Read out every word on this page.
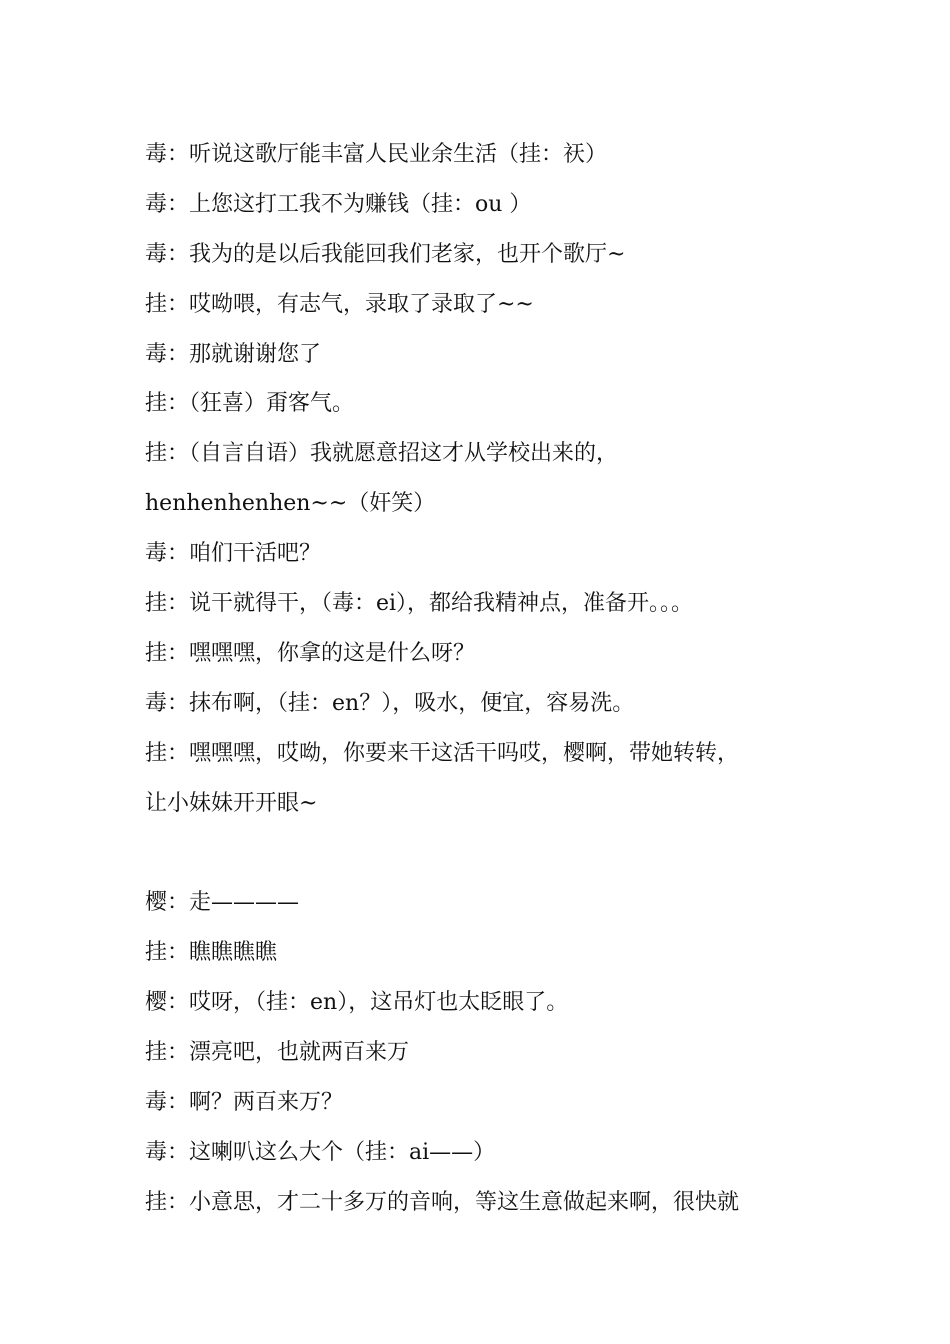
毒：听说这歌厅能丰富人民业余生活（挂：祆）
毒：上您这打工我不为赚钱（挂：ou ）
毒：我为的是以后我能回我们老家，也开个歌厅~
挂：哎呦喂，有志气，录取了录取了~~
毒：那就谢谢您了
挂：（狂喜）甭客气。
挂：（自言自语）我就愿意招这才从学校出来的，
henhenhenhen~~（奸笑）
毒：咱们干活吧？
挂：说干就得干，（毒：ei），都给我精神点，准备开。。。
挂：嘿嘿嘿，你拿的这是什么呀？
毒：抹布啊，（挂：en？），吸水，便宜，容易洗。
挂：嘿嘿嘿，哎呦，你要来干这活干吗哎，樱啊，带她转转，
让小妹妹开开眼~
樱：走————
挂：瞧瞧瞧瞧
樱：哎呀，（挂：en），这吊灯也太眨眼了。
挂：漂亮吧，也就两百来万
毒：啊？两百来万？
毒：这喇叭这么大个（挂：ai——）
挂：小意思，才二十多万的音响，等这生意做起来啊，很快就
